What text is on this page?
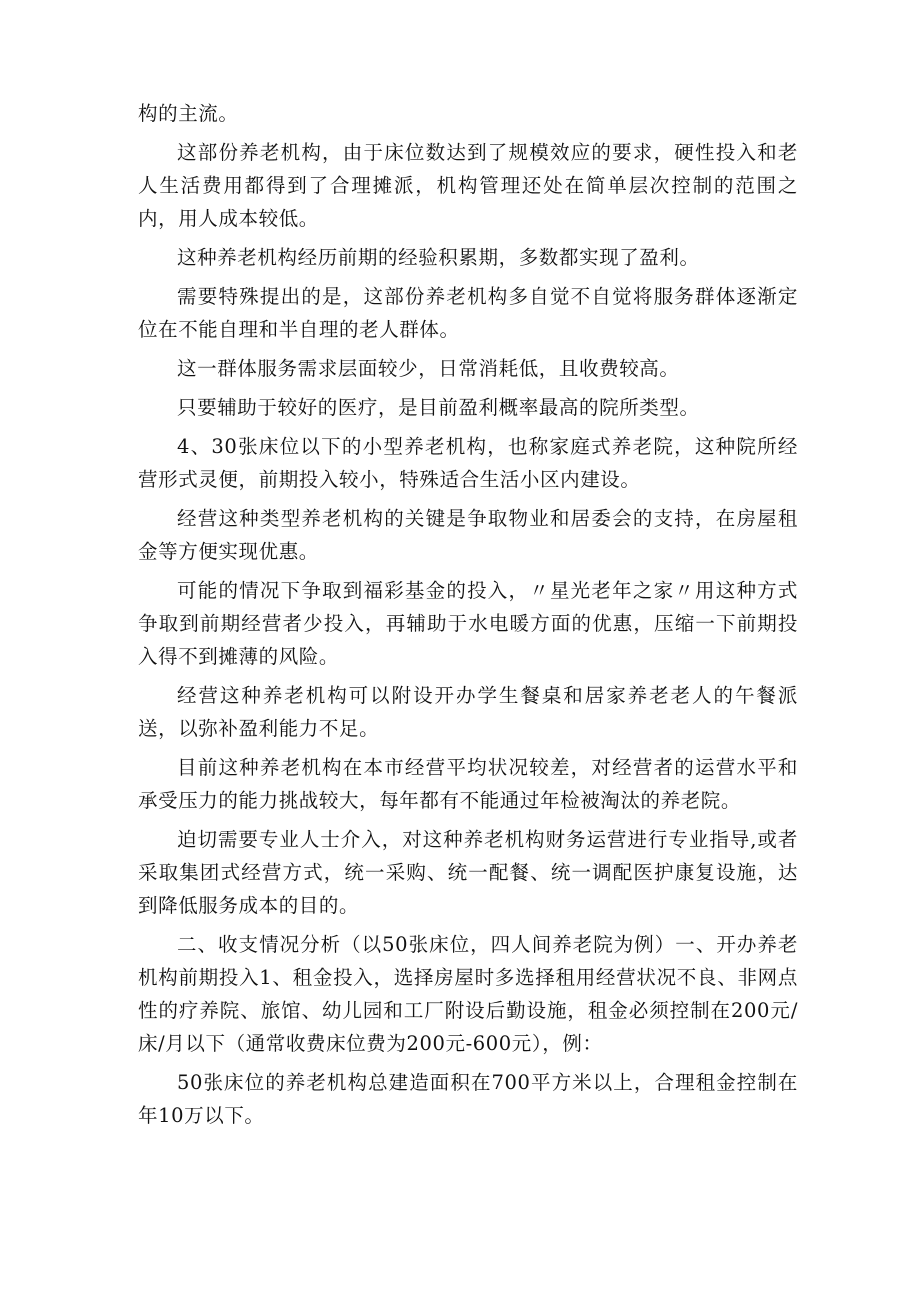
构的主流。

这部份养老机构，由于床位数达到了规模效应的要求，硬性投入和老人生活费用都得到了合理摊派，机构管理还处在简单层次控制的范围之内，用人成本较低。

这种养老机构经历前期的经验积累期，多数都实现了盈利。

需要特殊提出的是，这部份养老机构多自觉不自觉将服务群体逐渐定位在不能自理和半自理的老人群体。

这一群体服务需求层面较少，日常消耗低，且收费较高。

只要辅助于较好的医疗，是目前盈利概率最高的院所类型。

4、30张床位以下的小型养老机构，也称家庭式养老院，这种院所经营形式灵便，前期投入较小，特殊适合生活小区内建设。

经营这种类型养老机构的关键是争取物业和居委会的支持，在房屋租金等方便实现优惠。

可能的情况下争取到福彩基金的投入，〃星光老年之家〃用这种方式争取到前期经营者少投入，再辅助于水电暖方面的优惠，压缩一下前期投入得不到摊薄的风险。

经营这种养老机构可以附设开办学生餐桌和居家养老老人的午餐派送，以弥补盈利能力不足。

目前这种养老机构在本市经营平均状况较差，对经营者的运营水平和承受压力的能力挑战较大，每年都有不能通过年检被淘汰的养老院。

迫切需要专业人士介入，对这种养老机构财务运营进行专业指导,或者采取集团式经营方式，统一采购、统一配餐、统一调配医护康复设施，达到降低服务成本的目的。

二、收支情况分析（以50张床位，四人间养老院为例）一、开办养老机构前期投入1、租金投入，选择房屋时多选择租用经营状况不良、非网点性的疗养院、旅馆、幼儿园和工厂附设后勤设施，租金必须控制在200元/床/月以下（通常收费床位费为200元-600元），例：

50张床位的养老机构总建造面积在700平方米以上，合理租金控制在年10万以下。
